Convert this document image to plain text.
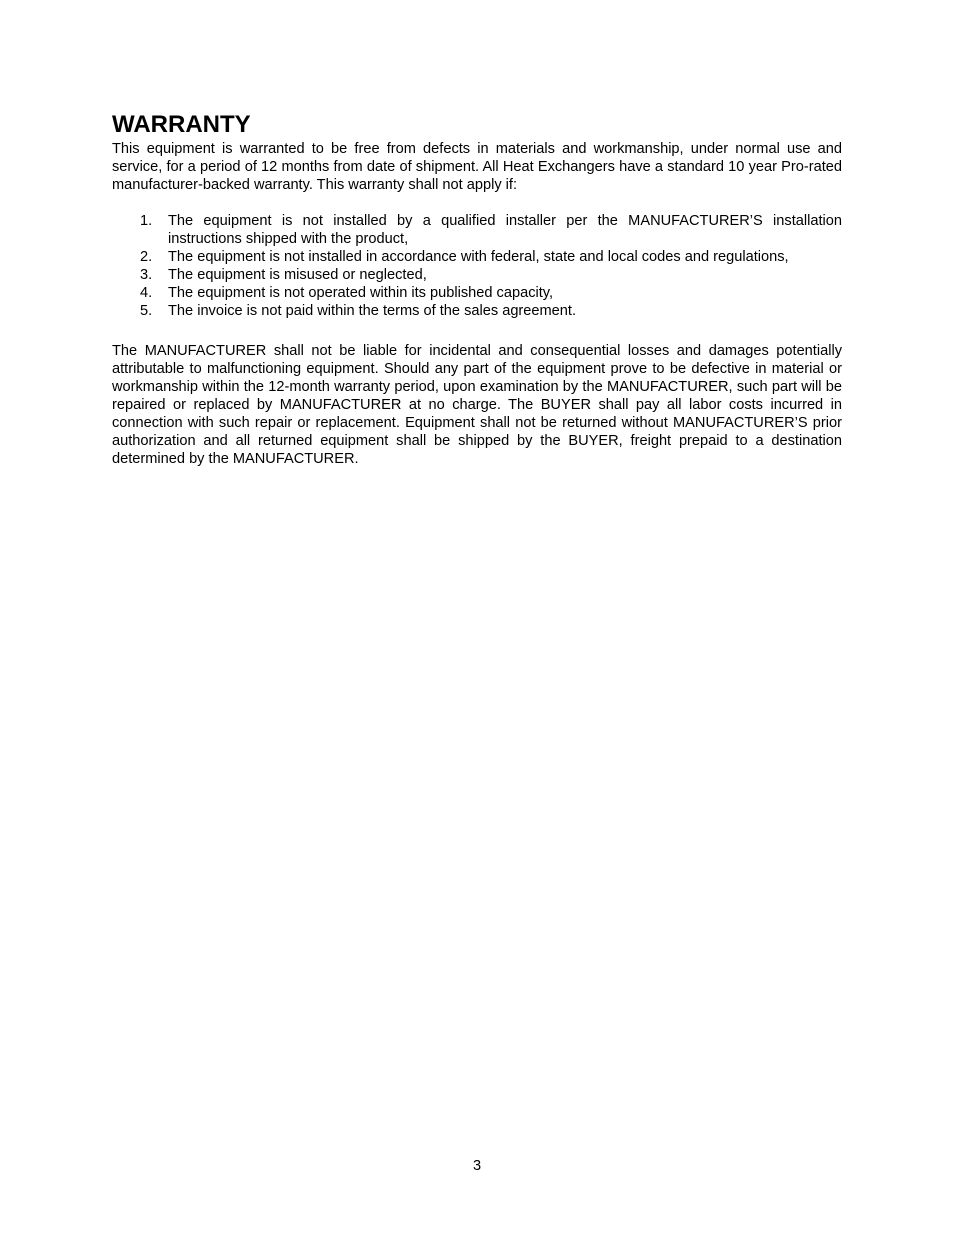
WARRANTY

This equipment is warranted to be free from defects in materials and workmanship, under normal use and service, for a period of 12 months from date of shipment. All Heat Exchangers have a standard 10 year Pro-rated manufacturer-backed warranty. This warranty shall not apply if:

1. The equipment is not installed by a qualified installer per the MANUFACTURER’S installation instructions shipped with the product,
2. The equipment is not installed in accordance with federal, state and local codes and regulations,
3. The equipment is misused or neglected,
4. The equipment is not operated within its published capacity,
5. The invoice is not paid within the terms of the sales agreement.

The MANUFACTURER shall not be liable for incidental and consequential losses and damages potentially attributable to malfunctioning equipment. Should any part of the equipment prove to be defective in material or workmanship within the 12-month warranty period, upon examination by the MANUFACTURER, such part will be repaired or replaced by MANUFACTURER at no charge. The BUYER shall pay all labor costs incurred in connection with such repair or replacement. Equipment shall not be returned without MANUFACTURER’S prior authorization and all returned equipment shall be shipped by the BUYER, freight prepaid to a destination determined by the MANUFACTURER.

3
